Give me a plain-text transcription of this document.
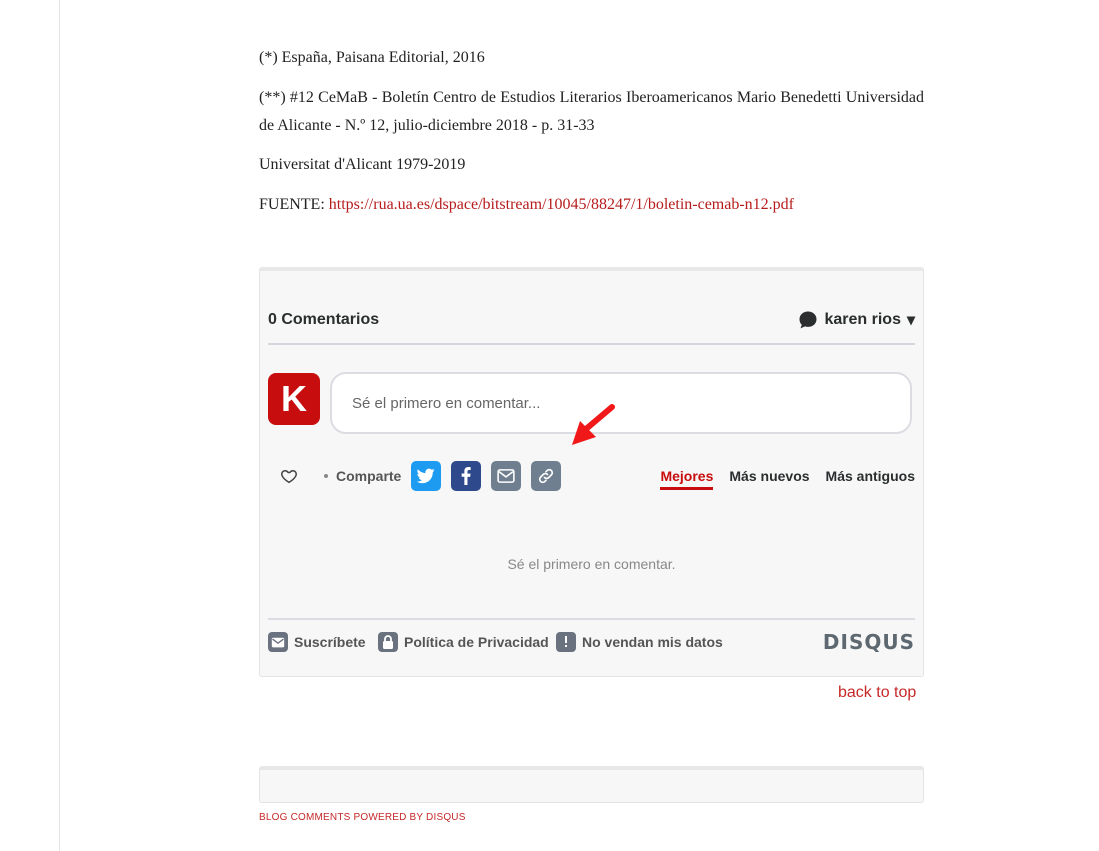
(*) España, Paisana Editorial, 2016

(**) #12 CeMaB - Boletín Centro de Estudios Literarios Iberoamericanos Mario Benedetti Universidad de Alicante - N.º 12, julio-diciembre 2018 - p. 31-33

Universitat d'Alicant 1979-2019

FUENTE: https://rua.ua.es/dspace/bitstream/10045/88247/1/boletin-cemab-n12.pdf

0 Comentarios	karen rios ▾
K
Sé el primero en comentar...
Comparte	Mejores Más nuevos Más antiguos
Sé el primero en comentar.
Suscríbete	Política de Privacidad No vendan mis datos	DISQUS
back to top
BLOG COMMENTS POWERED BY DISQUS
